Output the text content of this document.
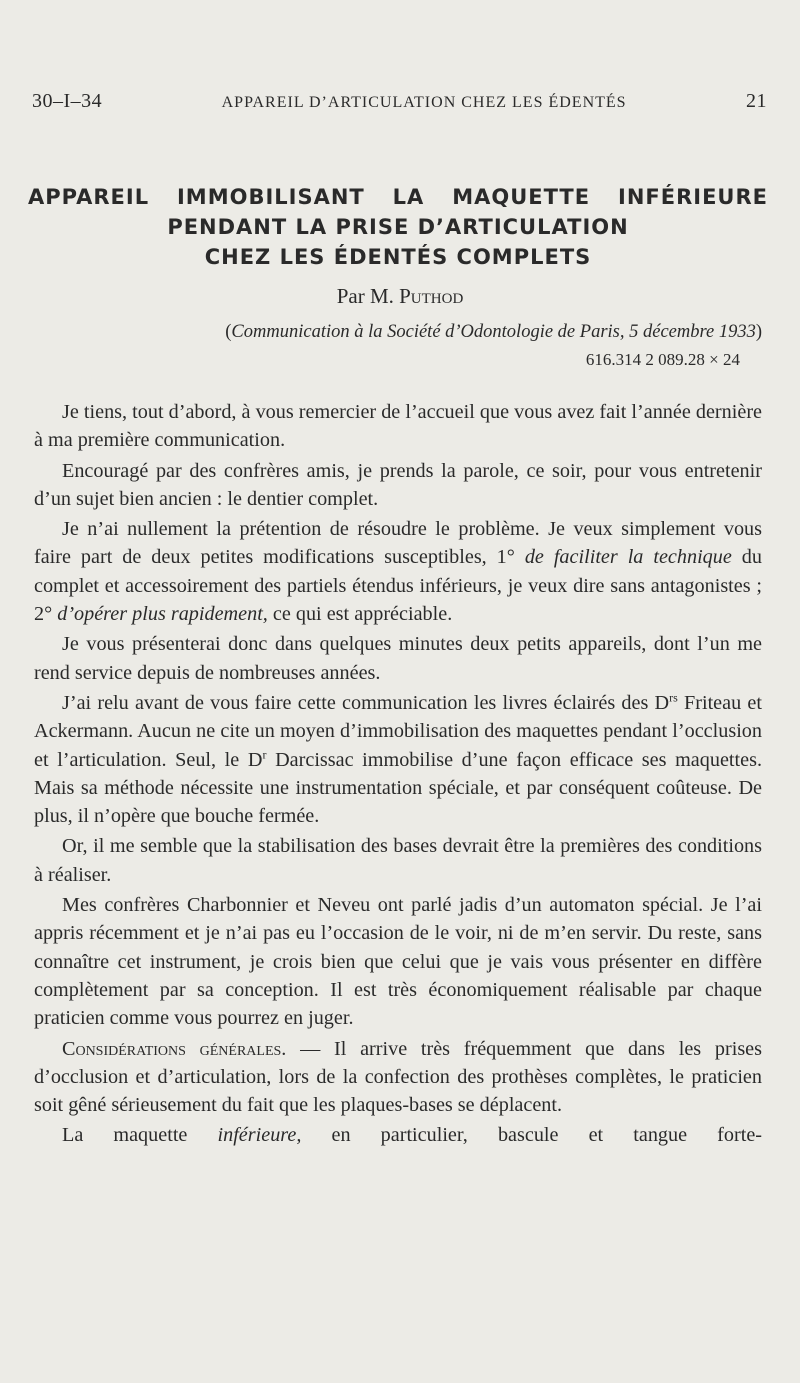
30–I–34	APPAREIL D’ARTICULATION CHEZ LES ÉDENTÉS	21
APPAREIL IMMOBILISANT LA MAQUETTE INFÉRIEURE
PENDANT LA PRISE D’ARTICULATION
CHEZ LES ÉDENTÉS COMPLETS
Par M. Puthod
(Communication à la Société d’Odontologie de Paris, 5 décembre 1933)
616.314 2 089.28 × 24

Je tiens, tout d’abord, à vous remercier de l’accueil que vous avez fait l’année dernière à ma première communication.

Encouragé par des confrères amis, je prends la parole, ce soir, pour vous entretenir d’un sujet bien ancien : le dentier complet.

Je n’ai nullement la prétention de résoudre le problème. Je veux simplement vous faire part de deux petites modifications susceptibles, 1° de faciliter la technique du complet et accessoirement des partiels étendus inférieurs, je veux dire sans antagonistes ; 2° d’opérer plus rapidement, ce qui est appréciable.

Je vous présenterai donc dans quelques minutes deux petits appareils, dont l’un me rend service depuis de nombreuses années.

J’ai relu avant de vous faire cette communication les livres éclairés des $D^{rs}$ Friteau et Ackermann. Aucun ne cite un moyen d’immobilisation des maquettes pendant l’occlusion et l’articulation. Seul, le $D^r$ Darcissac immobilise d’une façon efficace ses maquettes. Mais sa méthode nécessite une instrumentation spéciale, et par conséquent coûteuse. De plus, il n’opère que bouche fermée.

Or, il me semble que la stabilisation des bases devrait être la premières des conditions à réaliser.

Mes confrères Charbonnier et Neveu ont parlé jadis d’un automaton spécial. Je l’ai appris récemment et je n’ai pas eu l’occasion de le voir, ni de m’en servir. Du reste, sans connaître cet instrument, je crois bien que celui que je vais vous présenter en diffère complètement par sa conception. Il est très économiquement réalisable par chaque praticien comme vous pourrez en juger.

Considérations générales. — Il arrive très fréquemment que dans les prises d’occlusion et d’articulation, lors de la confection des prothèses complètes, le praticien soit gêné sérieusement du fait que les plaques-bases se déplacent.

La maquette inférieure, en particulier, bascule et tangue forte-
